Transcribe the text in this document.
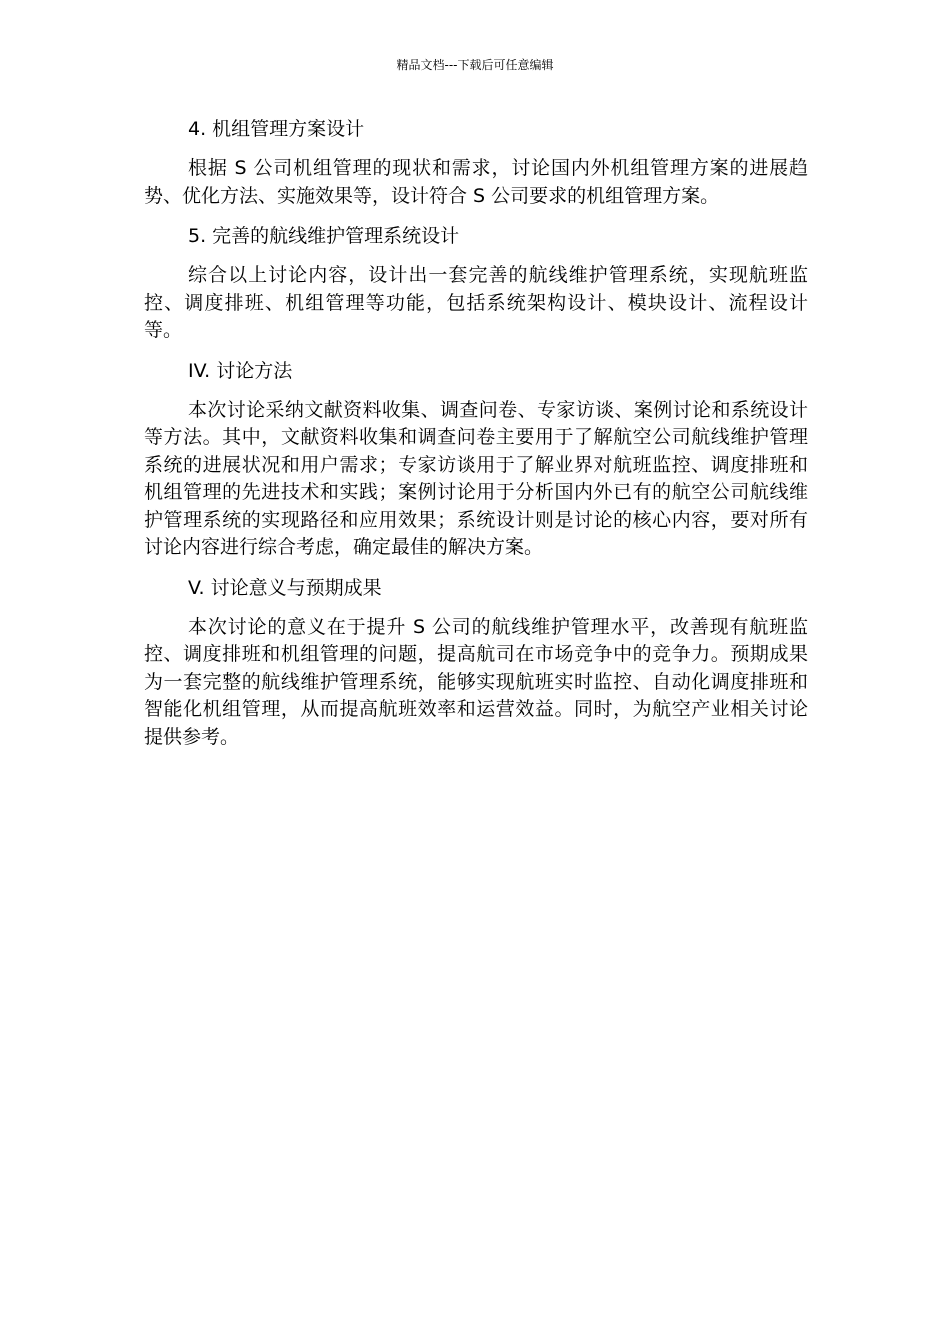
精品文档---下载后可任意编辑
4. 机组管理方案设计
根据 S 公司机组管理的现状和需求，讨论国内外机组管理方案的进展趋势、优化方法、实施效果等，设计符合 S 公司要求的机组管理方案。
5. 完善的航线维护管理系统设计
综合以上讨论内容，设计出一套完善的航线维护管理系统，实现航班监控、调度排班、机组管理等功能，包括系统架构设计、模块设计、流程设计等。
IV. 讨论方法
本次讨论采纳文献资料收集、调查问卷、专家访谈、案例讨论和系统设计等方法。其中，文献资料收集和调查问卷主要用于了解航空公司航线维护管理系统的进展状况和用户需求；专家访谈用于了解业界对航班监控、调度排班和机组管理的先进技术和实践；案例讨论用于分析国内外已有的航空公司航线维护管理系统的实现路径和应用效果；系统设计则是讨论的核心内容，要对所有讨论内容进行综合考虑，确定最佳的解决方案。
V. 讨论意义与预期成果
本次讨论的意义在于提升 S 公司的航线维护管理水平，改善现有航班监控、调度排班和机组管理的问题，提高航司在市场竞争中的竞争力。预期成果为一套完整的航线维护管理系统，能够实现航班实时监控、自动化调度排班和智能化机组管理，从而提高航班效率和运营效益。同时，为航空产业相关讨论提供参考。
